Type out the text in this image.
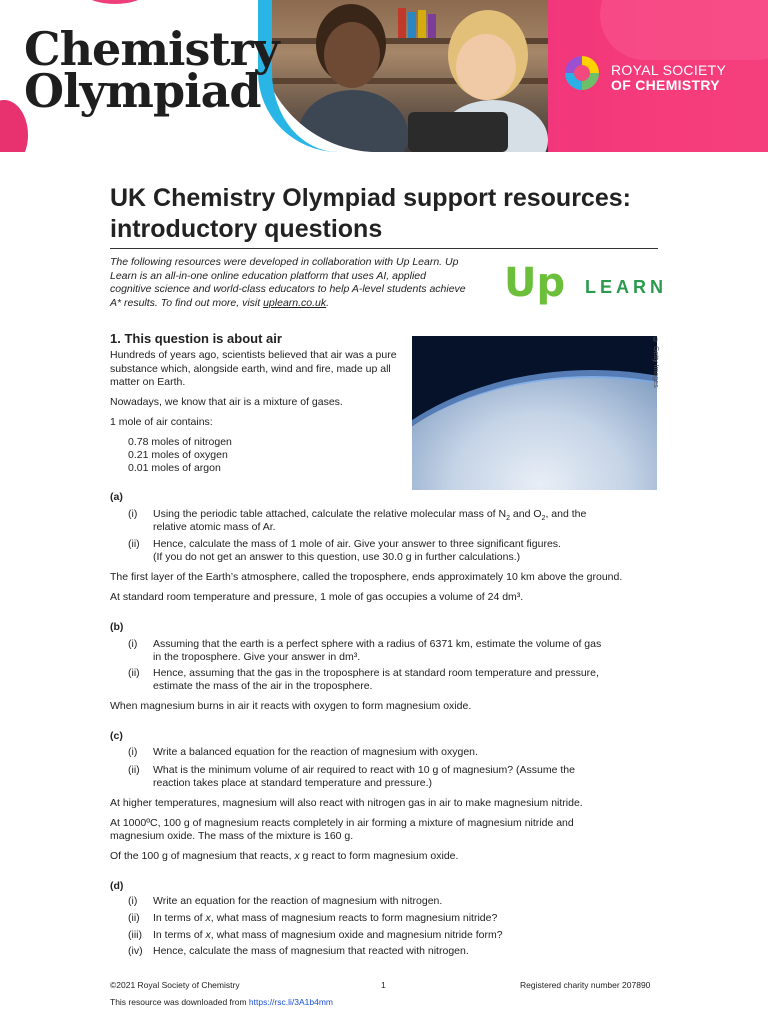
Chemistry
Olympiad	ROYAL SOCIETY
OF CHEMISTRY
UK Chemistry Olympiad support resources: introductory questions
The following resources were developed in collaboration with Up Learn. Up Learn is an all-in-one online education platform that uses AI, applied cognitive science and world-class educators to help A-level students achieve A* results. To find out more, visit uplearn.co.uk.	Up LEARN
1. This question is about air
Hundreds of years ago, scientists believed that air was a pure substance which, alongside earth, wind and fire, made up all matter on Earth.
Nowadays, we know that air is a mixture of gases.
1 mole of air contains:
0.78 moles of nitrogen
0.21 moles of oxygen
0.01 moles of argon
© Getty Images
(a)
(i) Using the periodic table attached, calculate the relative molecular mass of $N_2$ and $O_2$, and the
relative atomic mass of Ar.
(ii) Hence, calculate the mass of 1 mole of air. Give your answer to three significant figures.
(If you do not get an answer to this question, use 30.0 g in further calculations.)
The first layer of the Earth’s atmosphere, called the troposphere, ends approximately 10 km above the ground.
At standard room temperature and pressure, 1 mole of gas occupies a volume of 24 dm³.
(b)
(i) Assuming that the earth is a perfect sphere with a radius of 6371 km, estimate the volume of gas
in the troposphere. Give your answer in dm³.
(ii) Hence, assuming that the gas in the troposphere is at standard room temperature and pressure,
estimate the mass of the air in the troposphere.
When magnesium burns in air it reacts with oxygen to form magnesium oxide.
(c)
(i) Write a balanced equation for the reaction of magnesium with oxygen.
(ii) What is the minimum volume of air required to react with 10 g of magnesium? (Assume the
reaction takes place at standard temperature and pressure.)
At higher temperatures, magnesium will also react with nitrogen gas in air to make magnesium nitride.
At 1000ºC, 100 g of magnesium reacts completely in air forming a mixture of magnesium nitride and
magnesium oxide. The mass of the mixture is 160 g.
Of the 100 g of magnesium that reacts, x g react to form magnesium oxide.
(d)
(i) Write an equation for the reaction of magnesium with nitrogen.
(ii) In terms of x, what mass of magnesium reacts to form magnesium nitride?
(iii) In terms of x, what mass of magnesium oxide and magnesium nitride form?
(iv) Hence, calculate the mass of magnesium that reacted with nitrogen.
©2021 Royal Society of Chemistry	1	Registered charity number 207890
This resource was downloaded from https://rsc.li/3A1b4mm
